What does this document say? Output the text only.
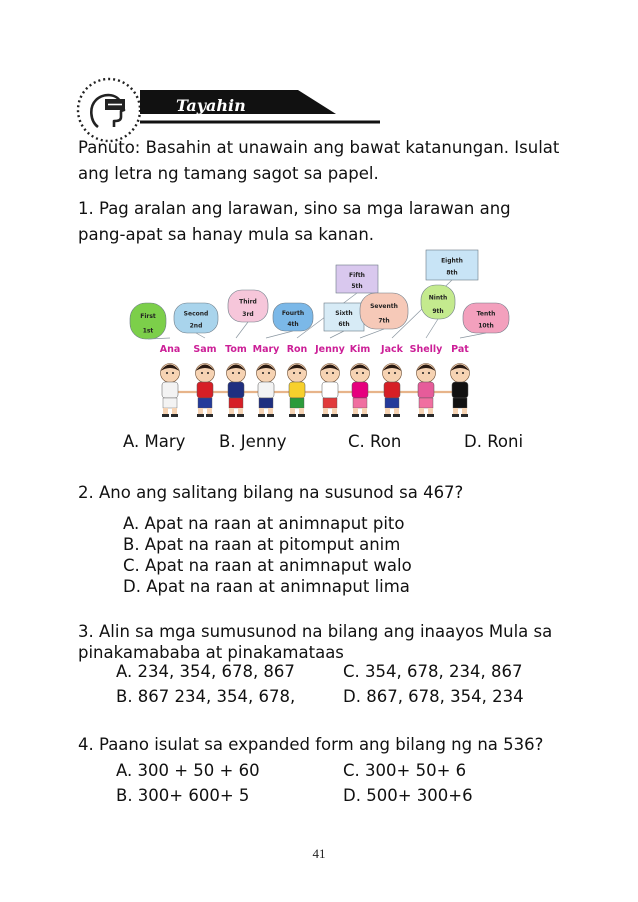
Tayahin
Panuto: Basahin at unawain ang bawat katanungan. Isulat
ang letra ng tamang sagot sa papel.
1. Pag aralan ang larawan, sino sa mga larawan ang
pang-apat sa hanay mula sa kanan.
First
1st
Second
2nd
Third
3rd	Fourth
4th
Fifth
5th
Sixth
6th
Seventh
7th
Eighth
8th
Ninth
9th	Tenth
10th
Ana Sam Tom Mary Ron Jenny Kim Jack Shelly Pat
A. Mary B. Jenny	C. Ron	D. Roni
2. Ano ang salitang bilang na susunod sa 467?
A. Apat na raan at animnaput pito
B. Apat na raan at pitomput anim
C. Apat na raan at animnaput walo
D. Apat na raan at animnaput lima
3. Alin sa mga sumusunod na bilang ang inaayos Mula sa
pinakamababa at pinakamataas
A. 234, 354, 678, 867	C. 354, 678, 234, 867
B. 867 234, 354, 678,	D. 867, 678, 354, 234
4. Paano isulat sa expanded form ang bilang ng na 536?
A. 300 + 50 + 60	C. 300+ 50+ 6
B. 300+ 600+ 5	D. 500+ 300+6
41
